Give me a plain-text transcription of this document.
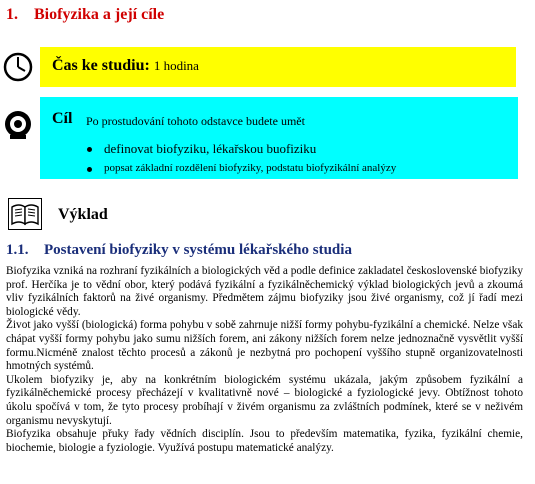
1. Biofyzika a její cíle
Čas ke studiu: 1 hodina
Cíl Po prostudování tohoto odstavce budete umět
definovat biofyziku, lékařskou buofiziku
popsat základní rozdělení biofyziky, podstatu biofyzikální analýzy
Výklad
1.1. Postavení biofyziky v systému lékařského studia

Biofyzika vzniká na rozhraní fyzikálních a biologických věd a podle definice zakladatel československé biofyziky prof. Herčíka je to vědní obor, který podává fyzikální a fyzikálněchemický výklad biologických jevů a zkoumá vliv fyzikálních faktorů na živé organismy. Předmětem zájmu biofyziky jsou živé organismy, což jí řadí mezi biologické vědy.

Život jako vyšší (biologická) forma pohybu v sobě zahrnuje nižší formy pohybu-fyzikální a chemické. Nelze však chápat vyšší formy pohybu jako sumu nižších forem, ani zákony nižších forem nelze jednoznačně vysvětlit vyšší formu.Nicméně znalost těchto procesů a zákonů je nezbytná pro pochopení vyššího stupně organizovatelnosti hmotných systémů.

Ukolem biofyziky je, aby na konkrétním biologickém systému ukázala, jakým způsobem fyzikální a fyzikálněchemické procesy přecházejí v kvalitativně nové – biologické a fyziologické jevy. Obtížnost tohoto úkolu spočívá v tom, že tyto procesy probíhají v živém organismu za zvláštních podmínek, které se v neživém organismu nevyskytují.

Biofyzika obsahuje přuky řady vědních disciplín. Jsou to především matematika, fyzika, fyzikální chemie, biochemie, biologie a fyziologie. Využívá postupu matematické analýzy.
